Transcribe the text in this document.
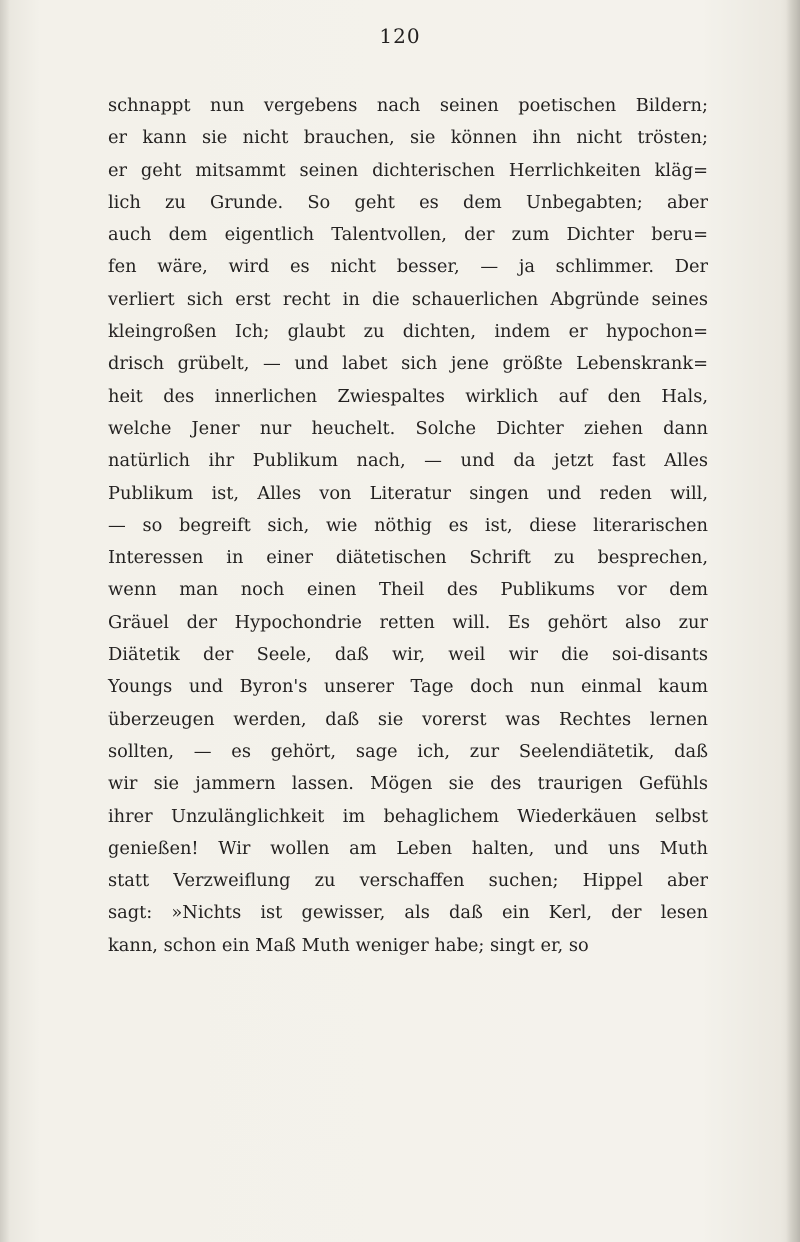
120
schnappt nun vergebens nach seinen poetischen Bildern;
er kann sie nicht brauchen, sie können ihn nicht trösten;
er geht mitsammt seinen dichterischen Herrlichkeiten kläg=
lich zu Grunde. So geht es dem Unbegabten; aber
auch dem eigentlich Talentvollen, der zum Dichter beru=
fen wäre, wird es nicht besser, — ja schlimmer. Der
verliert sich erst recht in die schauerlichen Abgründe seines
kleingroßen Ich; glaubt zu dichten, indem er hypochon=
drisch grübelt, — und labet sich jene größte Lebenskrank=
heit des innerlichen Zwiespaltes wirklich auf den Hals,
welche Jener nur heuchelt. Solche Dichter ziehen dann
natürlich ihr Publikum nach, — und da jetzt fast Alles
Publikum ist, Alles von Literatur singen und reden will,
— so begreift sich, wie nöthig es ist, diese literarischen
Interessen in einer diätetischen Schrift zu besprechen,
wenn man noch einen Theil des Publikums vor dem
Gräuel der Hypochondrie retten will. Es gehört also zur
Diätetik der Seele, daß wir, weil wir die soi-disants
Youngs und Byron's unserer Tage doch nun einmal kaum
überzeugen werden, daß sie vorerst was Rechtes lernen
sollten, — es gehört, sage ich, zur Seelendiätetik, daß
wir sie jammern lassen. Mögen sie des traurigen Gefühls
ihrer Unzulänglichkeit im behaglichem Wiederkäuen selbst
genießen! Wir wollen am Leben halten, und uns Muth
statt Verzweiflung zu verschaffen suchen; Hippel aber
sagt: »Nichts ist gewisser, als daß ein Kerl, der lesen
kann, schon ein Maß Muth weniger habe; singt er, so
